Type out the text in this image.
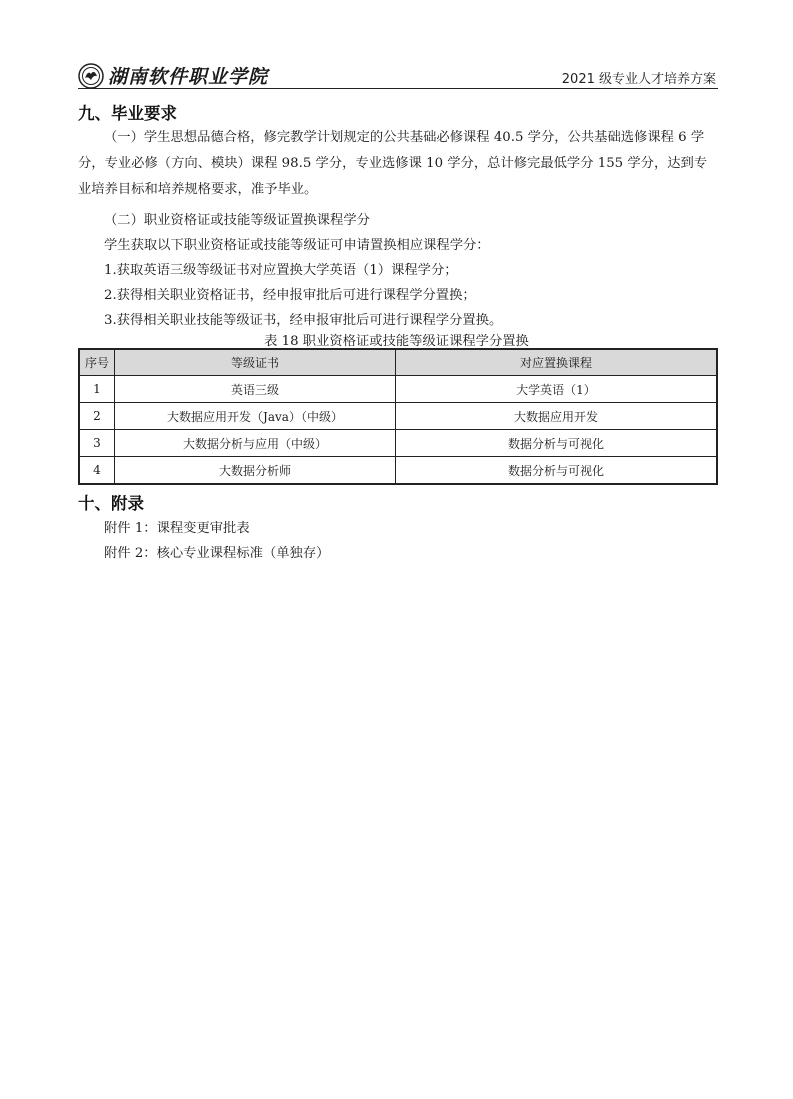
湖南软件职业学院	2021 级专业人才培养方案
九、毕业要求
（一）学生思想品德合格，修完教学计划规定的公共基础必修课程 40.5 学分，公共基础选修课程 6 学分，专业必修（方向、模块）课程 98.5 学分，专业选修课 10 学分，总计修完最低学分 155 学分，达到专业培养目标和培养规格要求，准予毕业。
（二）职业资格证或技能等级证置换课程学分
学生获取以下职业资格证或技能等级证可申请置换相应课程学分：
1.获取英语三级等级证书对应置换大学英语（1）课程学分；
2.获得相关职业资格证书，经申报审批后可进行课程学分置换；
3.获得相关职业技能等级证书，经申报审批后可进行课程学分置换。
表 18 职业资格证或技能等级证课程学分置换
序号	等级证书	对应置换课程
1	英语三级	大学英语（1）
2	大数据应用开发（Java）（中级）	大数据应用开发
3	大数据分析与应用（中级）	数据分析与可视化
4	大数据分析师	数据分析与可视化
十、附录
附件 1：课程变更审批表
附件 2：核心专业课程标准（单独存）
